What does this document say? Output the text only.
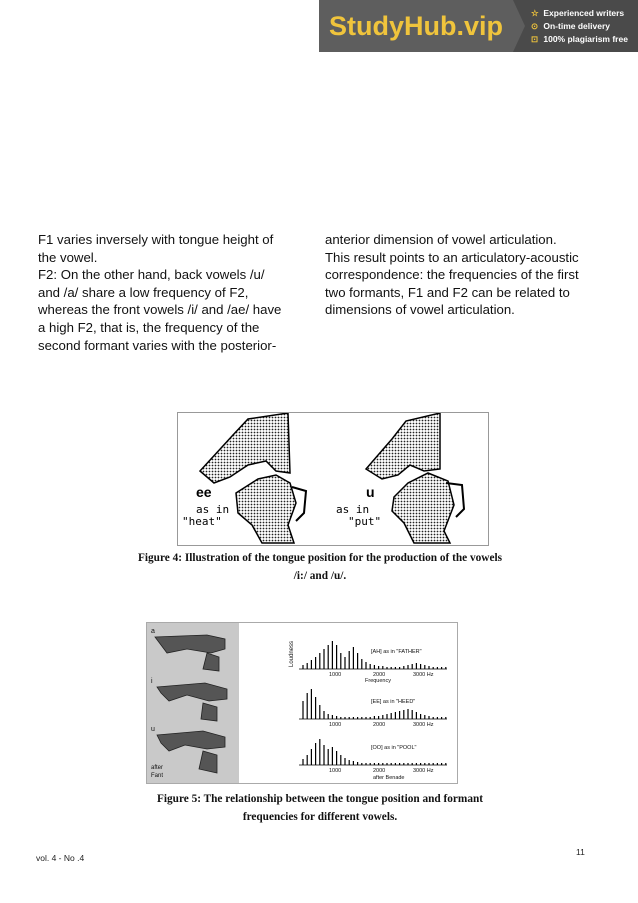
StudyHub.vip	☆ Experienced writers
⊙ On-time delivery
⊡ 100% plagiarism free

F1 varies inversely with tongue height of
the vowel.
F2: On the other hand, back vowels /u/
and /a/ share a low frequency of F2,
whereas the front vowels /i/ and /ae/ have
a high F2, that is, the frequency of the
second formant varies with the posterior-

anterior dimension of vowel articulation.
This result points to an articulatory-acoustic
correspondence: the frequencies of the first
two formants, F1 and F2 can be related to
dimensions of vowel articulation.

ee
as in
"heat"
u
as in
"put"
Figure 4: Illustration of the tongue position for the production of the vowels /i:/ and /u/.
a
i
u
after
Fant
Loudness	[AH] as in "FATHER"
1000	2000	3000 Hz
Frequency
[EE] as in "HEED"
1000	2000	3000 Hz
[OO] as in "POOL"
1000	2000	3000 Hz
after Benade
Figure 5: The relationship between the tongue position and formant frequencies for different vowels.
vol. 4 - No .4
11
